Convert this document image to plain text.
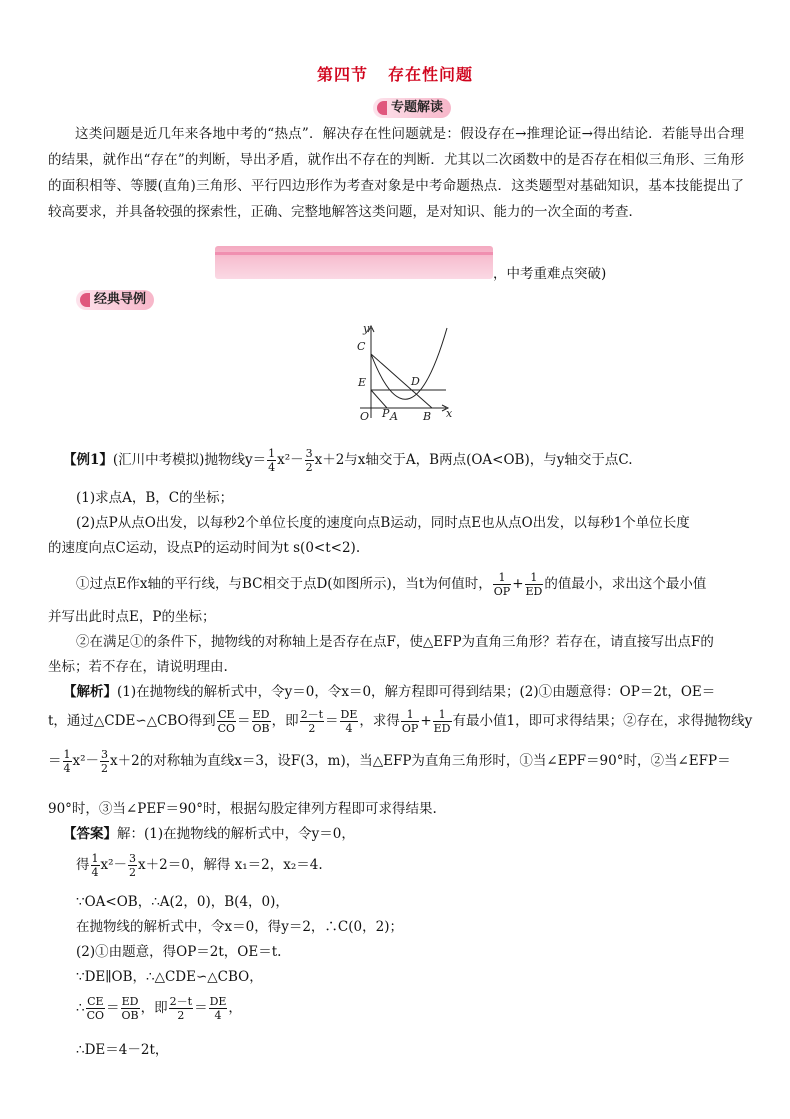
第四节 存在性问题
专题解读
这类问题是近几年来各地中考的“热点”．解决存在性问题就是：假设存在→推理论证→得出结论．若能导出合理的结果，就作出“存在”的判断，导出矛盾，就作出不存在的判断．尤其以二次函数中的是否存在相似三角形、三角形的面积相等、等腰(直角)三角形、平行四边形作为考查对象是中考命题热点．这类题型对基础知识，基本技能提出了较高要求，并具备较强的探索性，正确、完整地解答这类问题，是对知识、能力的一次全面的考查．
，中考重难点突破)
经典导例
y
C
E	D
O P A B x
【例1】(汇川中考模拟)抛物线$y= \frac{1}{4} x^2- \frac{3}{2} x+2$与x轴交于A，B两点(OA<OB)，与y轴交于点C.
(1)求点A，B，C的坐标；
(2)点P从点O出发，以每秒2个单位长度的速度向点B运动，同时点E也从点O出发，以每秒1个单位长度
的速度向点C运动，设点P的运动时间为t s(0<t<2).
①过点E作x轴的平行线，与BC相交于点D(如图所示)，当t为何值时， $\frac{1}{OP} + \frac{1}{ED}$ 的值最小，求出这个最小值
并写出此时点E，P的坐标；
②在满足①的条件下，抛物线的对称轴上是否存在点F，使△EFP为直角三角形？若存在，请直接写出点F的
坐标；若不存在，请说明理由.
【解析】(1)在抛物线的解析式中，令y＝0，令x＝0，解方程即可得到结果；(2)①由题意得：OP＝2t，OE＝
t，通过△CDE∽△CBO得到 $\frac{CE}{CO} = \frac{ED}{OB}$ ，即 $\frac{2-t}{2} = \frac{DE}{4}$ ，求得 $\frac{1}{OP} + \frac{1}{ED}$ 有最小值1，即可求得结果；②存在，求得抛物线y
＝ $\frac{1}{4} x^2- \frac{3}{2} x+2$的对称轴为直线x＝3，设F(3，m)，当△EFP为直角三角形时，①当∠EPF＝90°时，②当∠EFP＝
90°时，③当∠PEF＝90°时，根据勾股定律列方程即可求得结果.
【答案】解：(1)在抛物线的解析式中，令y＝0，
得 $\frac{1}{4} x^2- \frac{3}{2} x+2=0$，解得 x₁＝2，x₂＝4.
∵OA<OB，∴A(2，0)，B(4，0)，
在抛物线的解析式中，令x＝0，得y＝2，∴C(0，2)；
(2)①由题意，得OP＝2t，OE＝t.
∵DE∥OB，∴△CDE∽△CBO，
∴ $\frac{CE}{CO} = \frac{ED}{OB}$ ，即 $\frac{2-t}{2} = \frac{DE}{4}$ ，
∴DE＝4－2t，
